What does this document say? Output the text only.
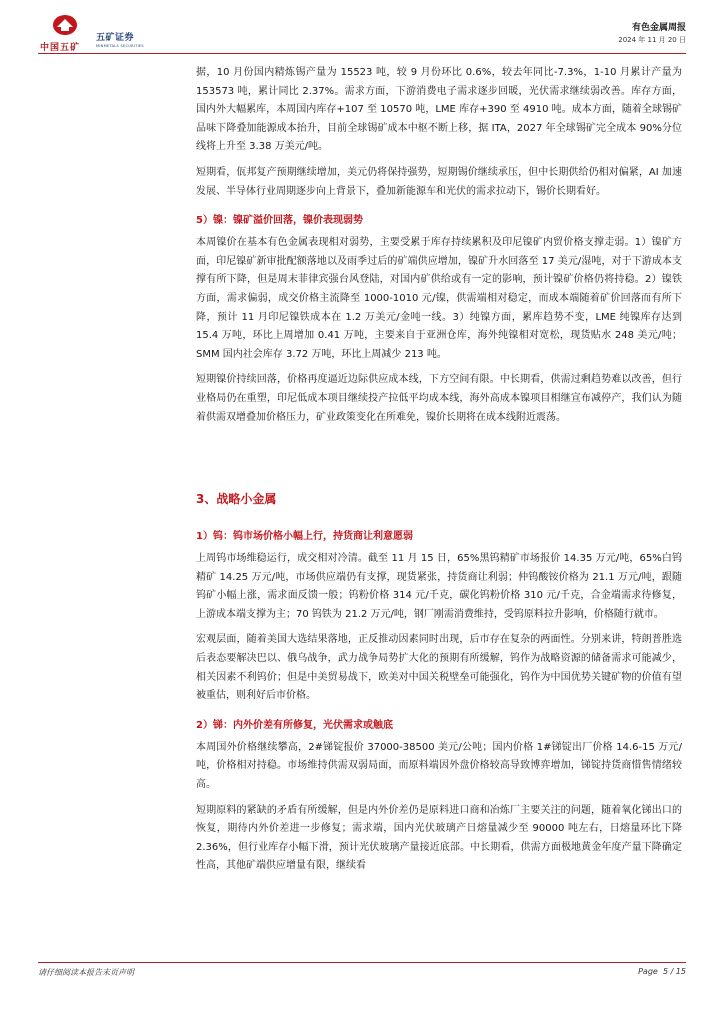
中国五矿
五矿证券
MINMETALS SECURITIES
有色金属周报
2024 年 11 月 20 日

据，10 月份国内精炼锡产量为 15523 吨，较 9 月份环比 0.6%，较去年同比-7.3%，1-10 月累计产量为 153573 吨，累计同比 2.37%。需求方面，下游消费电子需求逐步回暖，光伏需求继续弱改善。库存方面，国内外大幅累库，本周国内库存+107 至 10570 吨，LME 库存+390 至 4910 吨。成本方面，随着全球锡矿品味下降叠加能源成本抬升，目前全球锡矿成本中枢不断上移，据 ITA，2027 年全球锡矿完全成本 90%分位线将上升至 3.38 万美元/吨。

短期看，佤邦复产预期继续增加，美元仍将保持强势，短期锡价继续承压，但中长期供给仍相对偏紧，AI 加速发展、半导体行业周期逐步向上背景下，叠加新能源车和光伏的需求拉动下，锡价长期看好。

5）镍：镍矿溢价回落，镍价表现弱势

本周镍价在基本有色金属表现相对弱势，主要受累于库存持续累积及印尼镍矿内贸价格支撑走弱。1）镍矿方面，印尼镍矿新审批配额落地以及雨季过后的矿端供应增加，镍矿升水回落至 17 美元/湿吨，对于下游成本支撑有所下降，但是周末菲律宾强台风登陆，对国内矿供给或有一定的影响，预计镍矿价格仍将持稳。2）镍铁方面，需求偏弱，成交价格主流降至 1000-1010 元/镍，供需端相对稳定，而成本端随着矿价回落而有所下降，预计 11 月印尼镍铁成本在 1.2 万美元/金吨一线。3）纯镍方面，累库趋势不变，LME 纯镍库存达到 15.4 万吨，环比上周增加 0.41 万吨，主要来自于亚洲仓库，海外纯镍相对宽松，现货贴水 248 美元/吨；SMM 国内社会库存 3.72 万吨，环比上周减少 213 吨。

短期镍价持续回落，价格再度逼近边际供应成本线，下方空间有限。中长期看，供需过剩趋势难以改善，但行业格局仍在重塑，印尼低成本项目继续投产拉低平均成本线，海外高成本镍项目相继宣布减停产，我们认为随着供需双增叠加价格压力，矿业政策变化在所难免，镍价长期将在成本线附近震荡。

3、战略小金属
1）钨：钨市场价格小幅上行，持货商让利意愿弱

上周钨市场维稳运行，成交相对冷清。截至 11 月 15 日，65%黑钨精矿市场报价 14.35 万元/吨，65%白钨精矿 14.25 万元/吨，市场供应端仍有支撑，现货紧张，持货商让利弱；仲钨酸铵价格为 21.1 万元/吨，跟随钨矿小幅上涨，需求面反馈一般；钨粉价格 314 元/千克，碳化钨粉价格 310 元/千克，合金端需求待修复，上游成本端支撑为主；70 钨铁为 21.2 万元/吨，钢厂刚需消费维持，受钨原料拉升影响，价格随行就市。

宏观层面，随着美国大选结果落地，正反推动因素同时出现，后市存在复杂的两面性。分别来讲，特朗普胜选后表态要解决巴以、俄乌战争，武力战争局势扩大化的预期有所缓解，钨作为战略资源的储备需求可能减少，相关因素不利钨价；但是中美贸易战下，欧美对中国关税壁垒可能强化，钨作为中国优势关键矿物的价值有望被重估，则利好后市价格。

2）锑：内外价差有所修复，光伏需求或触底

本周国外价格继续攀高，2#锑锭报价 37000-38500 美元/公吨；国内价格 1#锑锭出厂价格 14.6-15 万元/吨，价格相对持稳。市场维持供需双弱局面，而原料端因外盘价格较高导致博弈增加，锑锭持货商惜售情绪较高。

短期原料的紧缺的矛盾有所缓解，但是内外价差仍是原料进口商和冶炼厂主要关注的问题，随着氧化锑出口的恢复，期待内外价差进一步修复；需求端，国内光伏玻璃产日熔量减少至 90000 吨左右，日熔量环比下降 2.36%，但行业库存小幅下滑，预计光伏玻璃产量接近底部。中长期看，供需方面极地黄金年度产量下降确定性高，其他矿端供应增量有限，继续看

请仔细阅读本报告末页声明	Page 5 / 15
